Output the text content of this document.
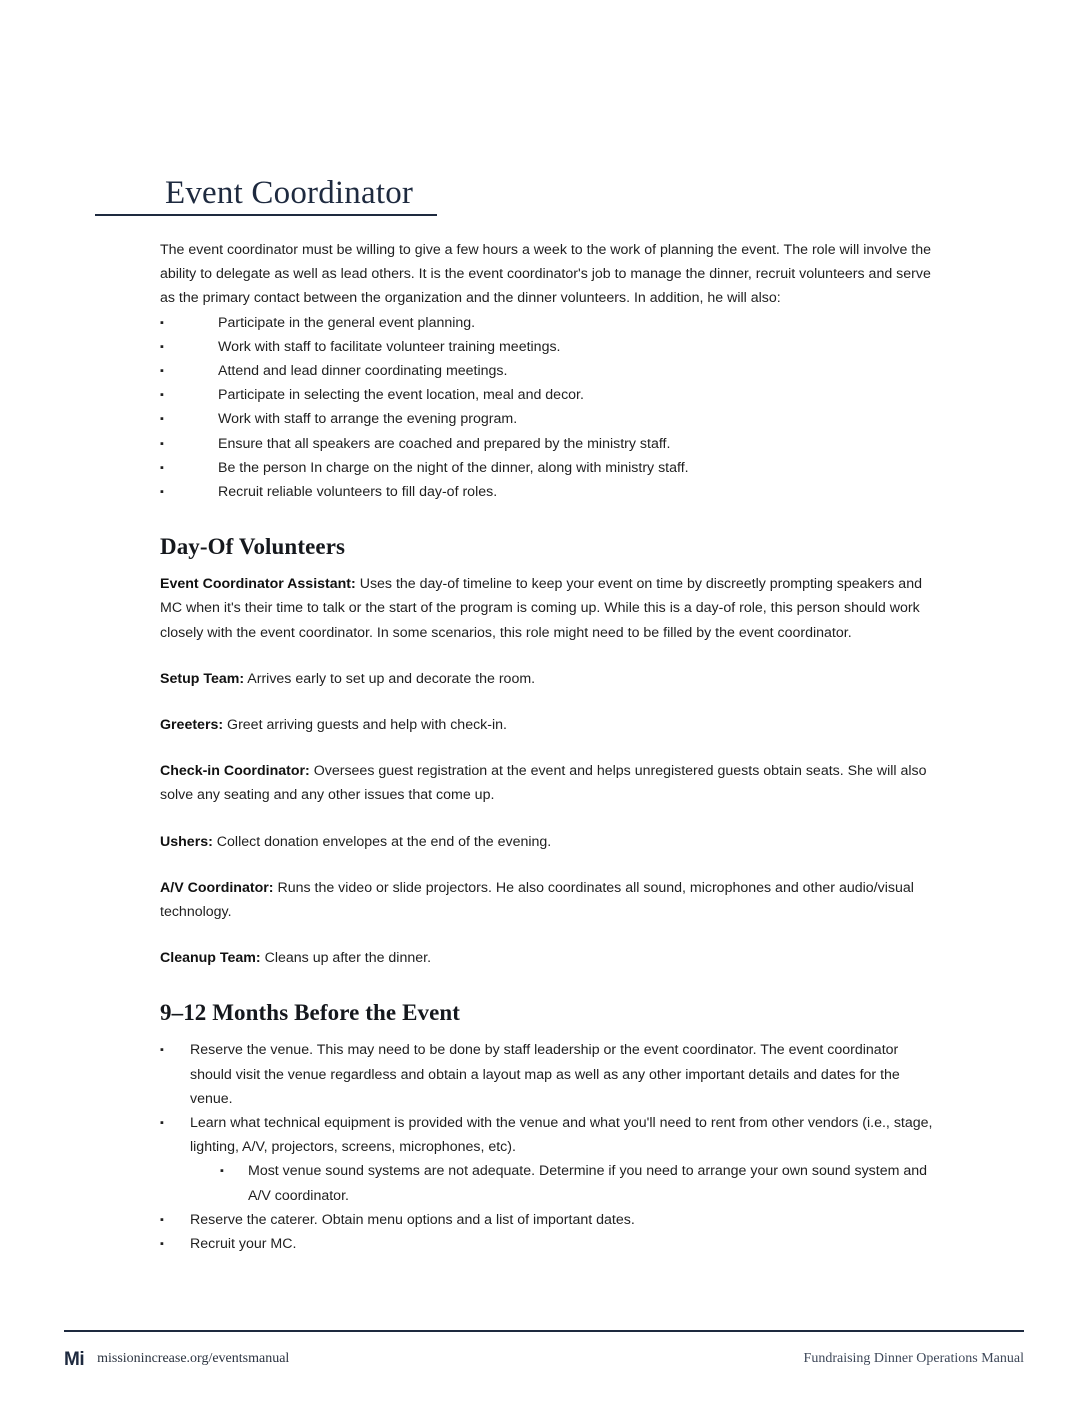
Event Coordinator

The event coordinator must be willing to give a few hours a week to the work of planning the event. The role will involve the ability to delegate as well as lead others. It is the event coordinator's job to manage the dinner, recruit volunteers and serve as the primary contact between the organization and the dinner volunteers. In addition, he will also:

▪	Participate in the general event planning.
▪	Work with staff to facilitate volunteer training meetings.
▪	Attend and lead dinner coordinating meetings.
▪	Participate in selecting the event location, meal and decor.
▪	Work with staff to arrange the evening program.
▪	Ensure that all speakers are coached and prepared by the ministry staff.
▪	Be the person In charge on the night of the dinner, along with ministry staff.
▪	Recruit reliable volunteers to fill day-of roles.
Day-Of Volunteers

Event Coordinator Assistant: Uses the day-of timeline to keep your event on time by discreetly prompting speakers and MC when it's their time to talk or the start of the program is coming up. While this is a day-of role, this person should work closely with the event coordinator. In some scenarios, this role might need to be filled by the event coordinator.

Setup Team: Arrives early to set up and decorate the room.

Greeters: Greet arriving guests and help with check-in.

Check-in Coordinator: Oversees guest registration at the event and helps unregistered guests obtain seats. She will also solve any seating and any other issues that come up.

Ushers: Collect donation envelopes at the end of the evening.

A/V Coordinator: Runs the video or slide projectors. He also coordinates all sound, microphones and other audio/visual technology.

Cleanup Team: Cleans up after the dinner.

9–12 Months Before the Event
▪	Reserve the venue. This may need to be done by staff leadership or the event coordinator. The event coordinator should visit the venue regardless and obtain a layout map as well as any other important details and dates for the venue.
▪	Learn what technical equipment is provided with the venue and what you'll need to rent from other vendors (i.e., stage, lighting, A/V, projectors, screens, microphones, etc).
▪	Most venue sound systems are not adequate. Determine if you need to arrange your own sound system and A/V coordinator.
▪	Reserve the caterer. Obtain menu options and a list of important dates.
▪	Recruit your MC.
Mi missionincrease.org/eventsmanual	Fundraising Dinner Operations Manual
